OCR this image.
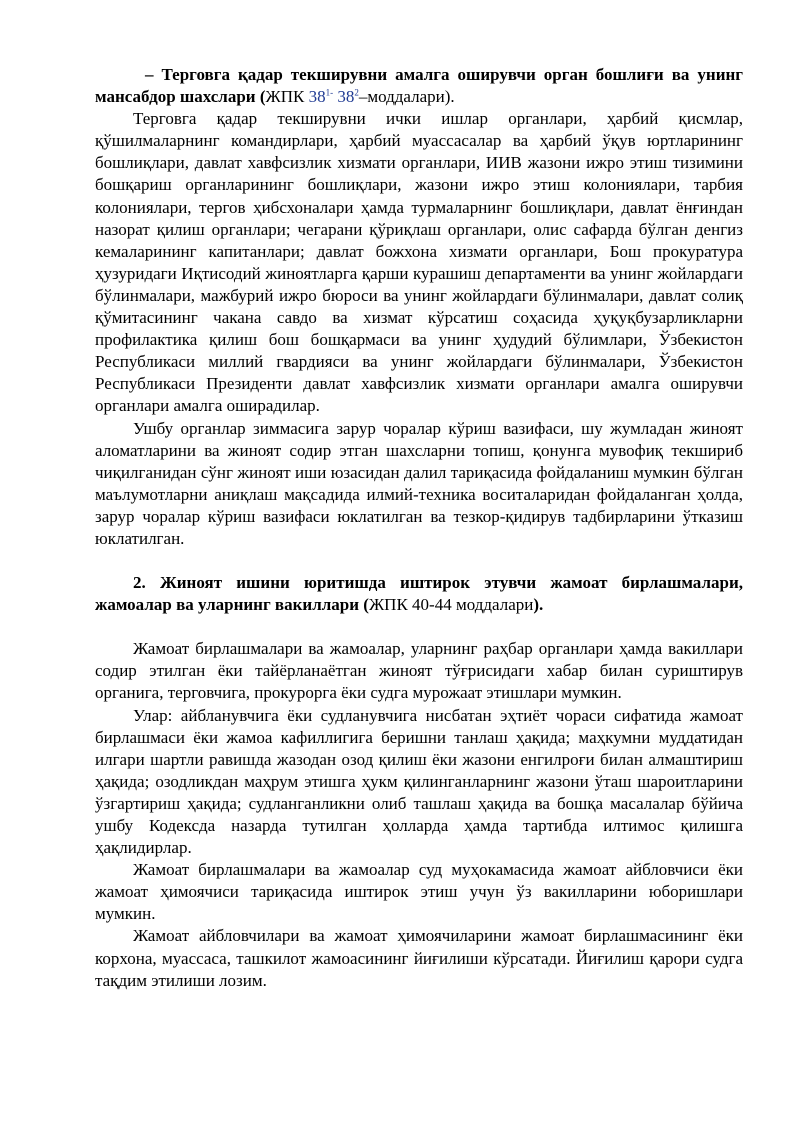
– Терговга қадар текширувни амалга оширувчи орган бошлиғи ва унинг мансабдор шахслари (ЖПК $38^{1-}$ $38^2-моддалари$).

Терговга қадар текширувни ички ишлар органлари, ҳарбий қисмлар, қўшилмаларнинг командирлари, ҳарбий муассасалар ва ҳарбий ўқув юртларининг бошлиқлари, давлат хавфсизлик хизмати органлари, ИИВ жазони ижро этиш тизимини бошқариш органларининг бошлиқлари, жазони ижро этиш колониялари, тарбия колониялари, тергов ҳибсхоналари ҳамда турмаларнинг бошлиқлари, давлат ёнғиндан назорат қилиш органлари; чегарани қўриқлаш органлари, олис сафарда бўлган денгиз кемаларининг капитанлари; давлат божхона хизмати органлари, Бош прокуратура ҳузуридаги Иқтисодий жиноятларга қарши курашиш департаменти ва унинг жойлардаги бўлинмалари, мажбурий ижро бюроси ва унинг жойлардаги бўлинмалари, давлат солиқ қўмитасининг чакана савдо ва хизмат кўрсатиш соҳасида ҳуқуқбузарликларни профилактика қилиш бош бошқармаси ва унинг ҳудудий бўлимлари, Ўзбекистон Республикаси миллий гвардияси ва унинг жойлардаги бўлинмалари, Ўзбекистон Республикаси Президенти давлат хавфсизлик хизмати органлари амалга оширувчи органлари амалга оширадилар.

Ушбу органлар зиммасига зарур чоралар кўриш вазифаси, шу жумладан жиноят аломатларини ва жиноят содир этган шахсларни топиш, қонунга мувофиқ текшириб чиқилганидан сўнг жиноят иши юзасидан далил тариқасида фойдаланиш мумкин бўлган маълумотларни аниқлаш мақсадида илмий-техника воситаларидан фойдаланган ҳолда, зарур чоралар кўриш вазифаси юклатилган ва тезкор-қидирув тадбирларини ўтказиш юклатилган.

2. Жиноят ишини юритишда иштирок этувчи жамоат бирлашмалари, жамоалар ва уларнинг вакиллари (ЖПК 40-44 моддалари).

Жамоат бирлашмалари ва жамоалар, уларнинг раҳбар органлари ҳамда вакиллари содир этилган ёки тайёрланаётган жиноят тўғрисидаги хабар билан суриштирув органига, терговчига, прокурорга ёки судга мурожаат этишлари мумкин.

Улар: айбланувчига ёки судланувчига нисбатан эҳтиёт чораси сифатида жамоат бирлашмаси ёки жамоа кафиллигига беришни танлаш ҳақида; маҳкумни муддатидан илгари шартли равишда жазодан озод қилиш ёки жазони енгилроғи билан алмаштириш ҳақида; озодликдан маҳрум этишга ҳукм қилинганларнинг жазони ўташ шароитларини ўзгартириш ҳақида; судланганликни олиб ташлаш ҳақида ва бошқа масалалар бўйича ушбу Кодексда назарда тутилган ҳолларда ҳамда тартибда илтимос қилишга ҳақлидирлар.

Жамоат бирлашмалари ва жамоалар суд муҳокамасида жамоат айбловчиси ёки жамоат ҳимоячиси тариқасида иштирок этиш учун ўз вакилларини юборишлари мумкин.

Жамоат айбловчилари ва жамоат ҳимоячиларини жамоат бирлашмасининг ёки корхона, муассаса, ташкилот жамоасининг йиғилиши кўрсатади. Йиғилиш қарори судга тақдим этилиши лозим.
